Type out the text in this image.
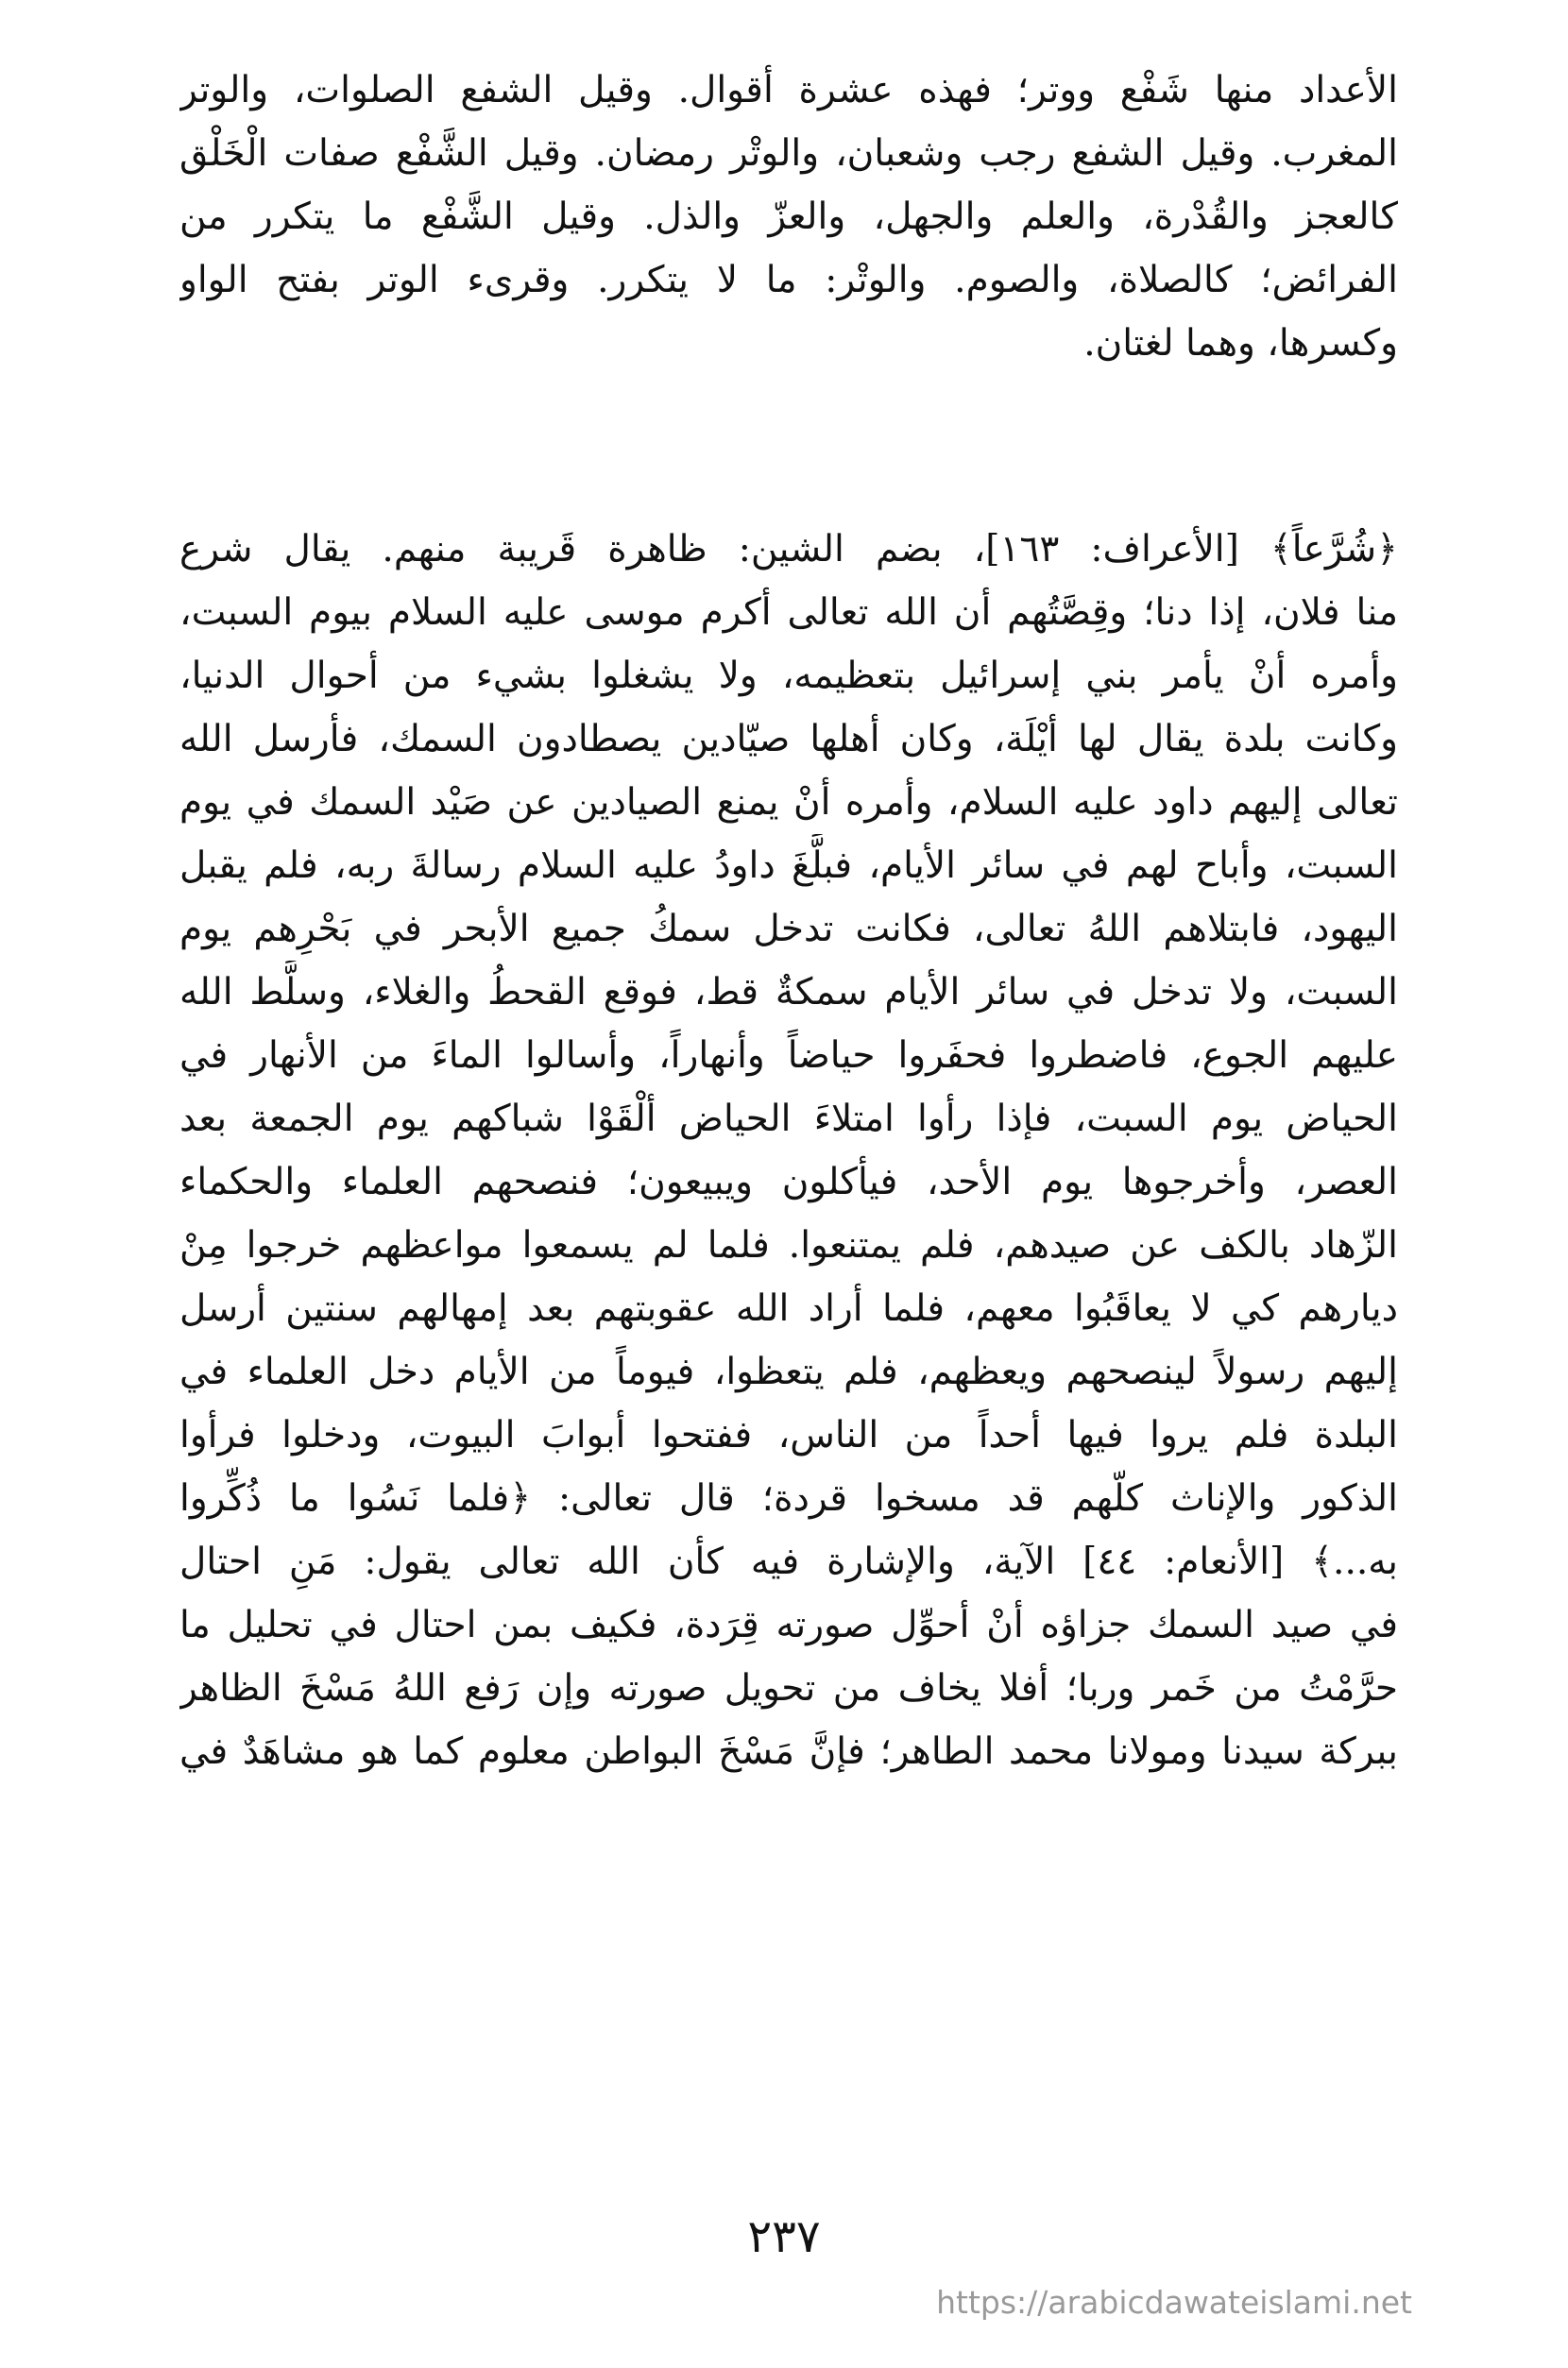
الأعداد منها شَفْع ووتر؛ فهذه عشرة أقوال. وقيل الشفع الصلوات، والوتر
المغرب. وقيل الشفع رجب وشعبان، والوتْر رمضان. وقيل الشَّفْع صفات الْخَلْق
كالعجز والقُدْرة، والعلم والجهل، والعزّ والذل. وقيل الشَّفْع ما يتكرر من
الفرائض؛ كالصلاة، والصوم. والوتْر: ما لا يتكرر. وقرىء الوتر بفتح الواو
وكسرها، وهما لغتان.
﴿شُرَّعاً﴾ [الأعراف: ١٦٣]، بضم الشين: ظاهرة قَريبة منهم. يقال شرع
منا فلان، إذا دنا؛ وقِصَّتُهم أن الله تعالى أكرم موسى عليه السلام بيوم السبت،
وأمره أنْ يأمر بني إسرائيل بتعظيمه، ولا يشغلوا بشيء من أحوال الدنيا،
وكانت بلدة يقال لها أيْلَة، وكان أهلها صيّادين يصطادون السمك، فأرسل الله
تعالى إليهم داود عليه السلام، وأمره أنْ يمنع الصيادين عن صَيْد السمك في يوم
السبت، وأباح لهم في سائر الأيام، فبلَّغَ داودُ عليه السلام رسالةَ ربه، فلم يقبل
اليهود، فابتلاهم اللهُ تعالى، فكانت تدخل سمكُ جميع الأبحر في بَحْرِهم يوم
السبت، ولا تدخل في سائر الأيام سمكةٌ قط، فوقع القحطُ والغلاء، وسلَّط الله
عليهم الجوع، فاضطروا فحفَروا حياضاً وأنهاراً، وأسالوا الماءَ من الأنهار في
الحياض يوم السبت، فإذا رأوا امتلاءَ الحياض ألْقَوْا شباكهم يوم الجمعة بعد
العصر، وأخرجوها يوم الأحد، فيأكلون ويبيعون؛ فنصحهم العلماء والحكماء
الزّهاد بالكف عن صيدهم، فلم يمتنعوا. فلما لم يسمعوا مواعظهم خرجوا مِنْ
ديارهم كي لا يعاقَبُوا معهم، فلما أراد الله عقوبتهم بعد إمهالهم سنتين أرسل
إليهم رسولاً لينصحهم ويعظهم، فلم يتعظوا، فيوماً من الأيام دخل العلماء في
البلدة فلم يروا فيها أحداً من الناس، ففتحوا أبوابَ البيوت، ودخلوا فرأوا
الذكور والإناث كلّهم قد مسخوا قردة؛ قال تعالى: ﴿فلما نَسُوا ما ذُكِّروا
به...﴾ [الأنعام: ٤٤] الآية، والإشارة فيه كأن الله تعالى يقول: مَنِ احتال
في صيد السمك جزاؤه أنْ أحوِّل صورته قِرَدة، فكيف بمن احتال في تحليل ما
حرَّمْتُ من خَمر وربا؛ أفلا يخاف من تحويل صورته وإن رَفع اللهُ مَسْخَ الظاهر
ببركة سيدنا ومولانا محمد الطاهر؛ فإنَّ مَسْخَ البواطن معلوم كما هو مشاهَدٌ في
٢٣٧
https://arabicdawateislami.net
